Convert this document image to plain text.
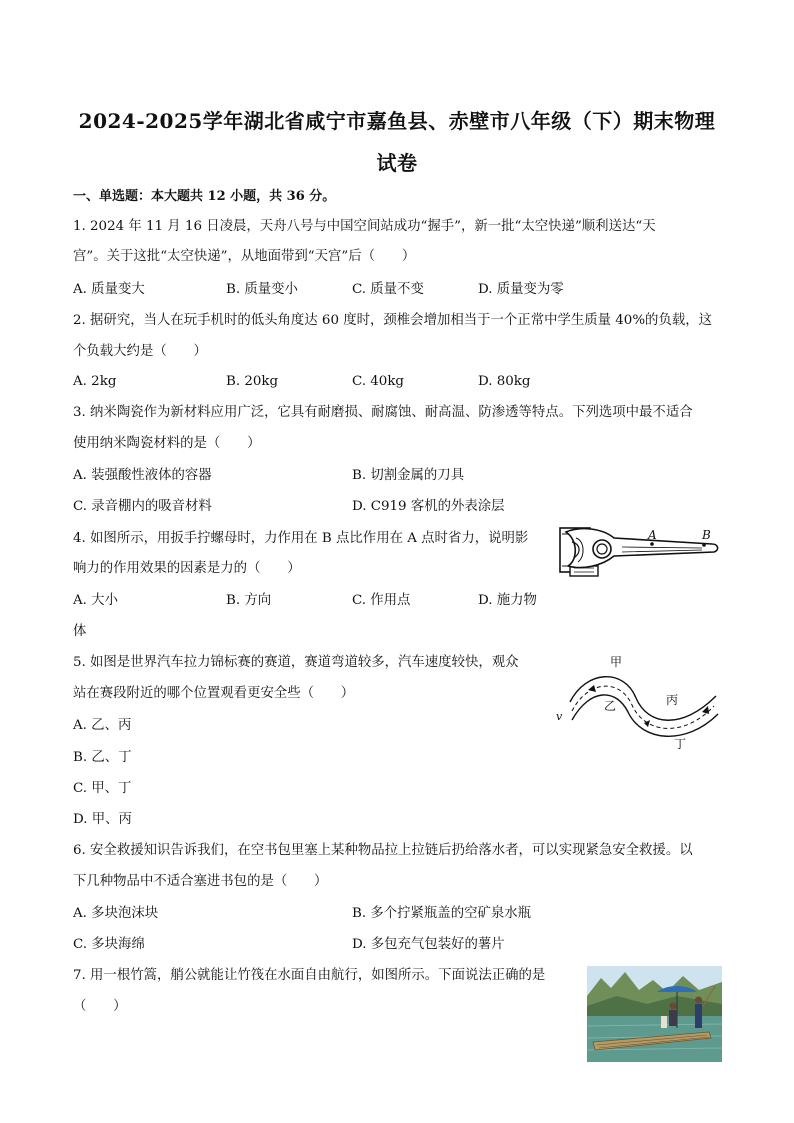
2024-2025学年湖北省咸宁市嘉鱼县、赤壁市八年级（下）期末物理
试卷
一、单选题：本大题共 12 小题，共 36 分。
1. 2024 年 11 月 16 日凌晨，天舟八号与中国空间站成功“握手”，新一批“太空快递”顺利送达“天
宫”。关于这批“太空快递”，从地面带到“天宫”后（　　）
A. 质量变大	B. 质量变小	C. 质量不变	D. 质量变为零
2. 据研究，当人在玩手机时的低头角度达 60 度时，颈椎会增加相当于一个正常中学生质量 40%的负载，这
个负载大约是（　　）
A. 2kg	B. 20kg	C. 40kg	D. 80kg
3. 纳米陶瓷作为新材料应用广泛，它具有耐磨损、耐腐蚀、耐高温、防渗透等特点。下列选项中最不适合
使用纳米陶瓷材料的是（　　）
A. 装强酸性液体的容器	B. 切割金属的刀具
C. 录音棚内的吸音材料	D. C919 客机的外表涂层
4. 如图所示，用扳手拧螺母时，力作用在 B 点比作用在 A 点时省力，说明影
响力的作用效果的因素是力的（　　）
A. 大小	B. 方向	C. 作用点	D. 施力物
体
A	B
5. 如图是世界汽车拉力锦标赛的赛道，赛道弯道较多，汽车速度较快，观众
站在赛段附近的哪个位置观看更安全些（　　）
A. 乙、丙
B. 乙、丁
C. 甲、丁
D. 甲、丙
甲
乙	丙
丁
v
6. 安全救援知识告诉我们，在空书包里塞上某种物品拉上拉链后扔给落水者，可以实现紧急安全救援。以
下几种物品中不适合塞进书包的是（　　）
A. 多块泡沫块	B. 多个拧紧瓶盖的空矿泉水瓶
C. 多块海绵	D. 多包充气包装好的薯片
7. 用一根竹篙，艄公就能让竹筏在水面自由航行，如图所示。下面说法正确的是
（　　）
